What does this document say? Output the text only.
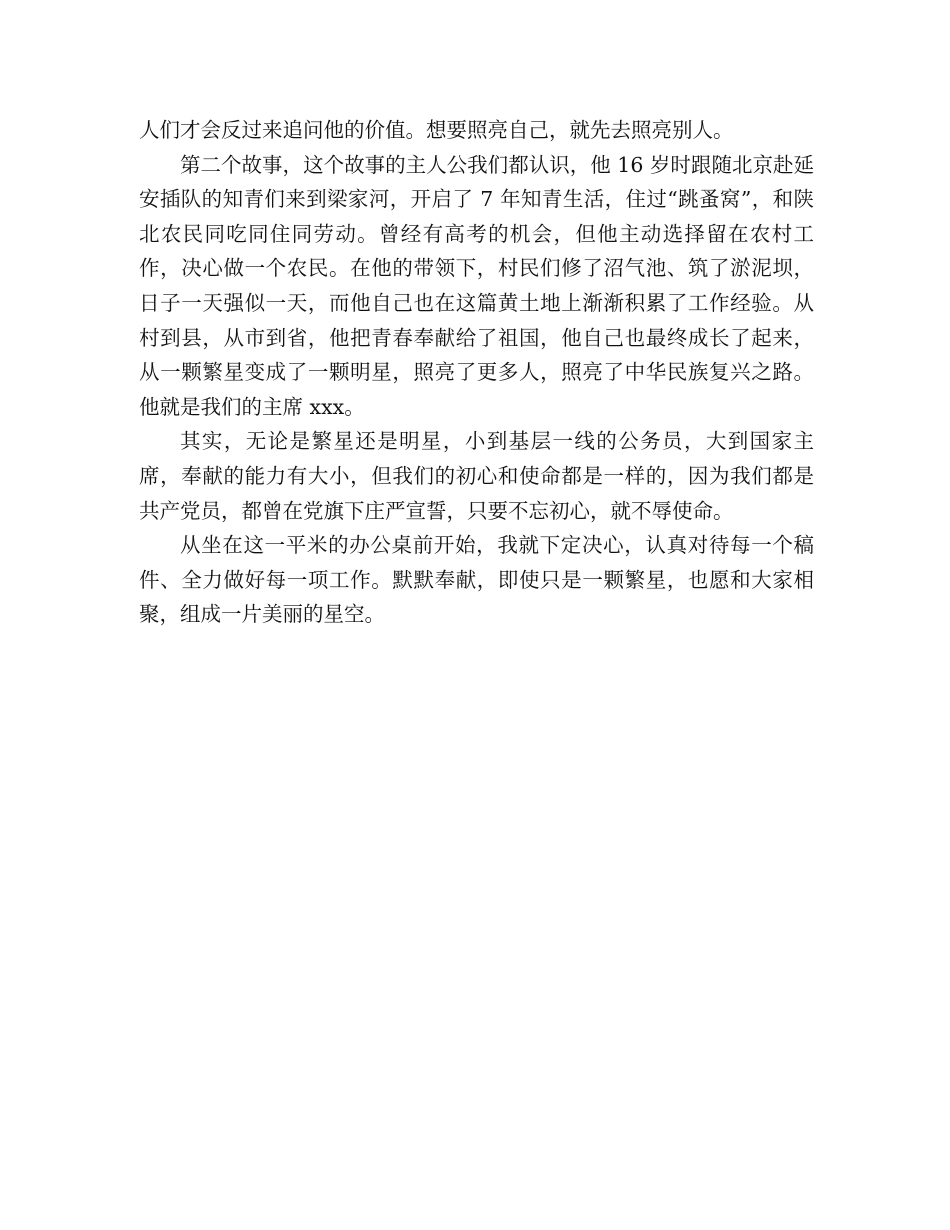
人们才会反过来追问他的价值。想要照亮自己，就先去照亮别人。

第二个故事，这个故事的主人公我们都认识，他 16 岁时跟随北京赴延安插队的知青们来到梁家河，开启了 7 年知青生活，住过“跳蚤窝”，和陕北农民同吃同住同劳动。曾经有高考的机会，但他主动选择留在农村工作，决心做一个农民。在他的带领下，村民们修了沼气池、筑了淤泥坝，日子一天强似一天，而他自己也在这篇黄土地上渐渐积累了工作经验。从村到县，从市到省，他把青春奉献给了祖国，他自己也最终成长了起来，从一颗繁星变成了一颗明星，照亮了更多人，照亮了中华民族复兴之路。他就是我们的主席 xxx。

其实，无论是繁星还是明星，小到基层一线的公务员，大到国家主席，奉献的能力有大小，但我们的初心和使命都是一样的，因为我们都是共产党员，都曾在党旗下庄严宣誓，只要不忘初心，就不辱使命。

从坐在这一平米的办公桌前开始，我就下定决心，认真对待每一个稿件、全力做好每一项工作。默默奉献，即使只是一颗繁星，也愿和大家相聚，组成一片美丽的星空。
